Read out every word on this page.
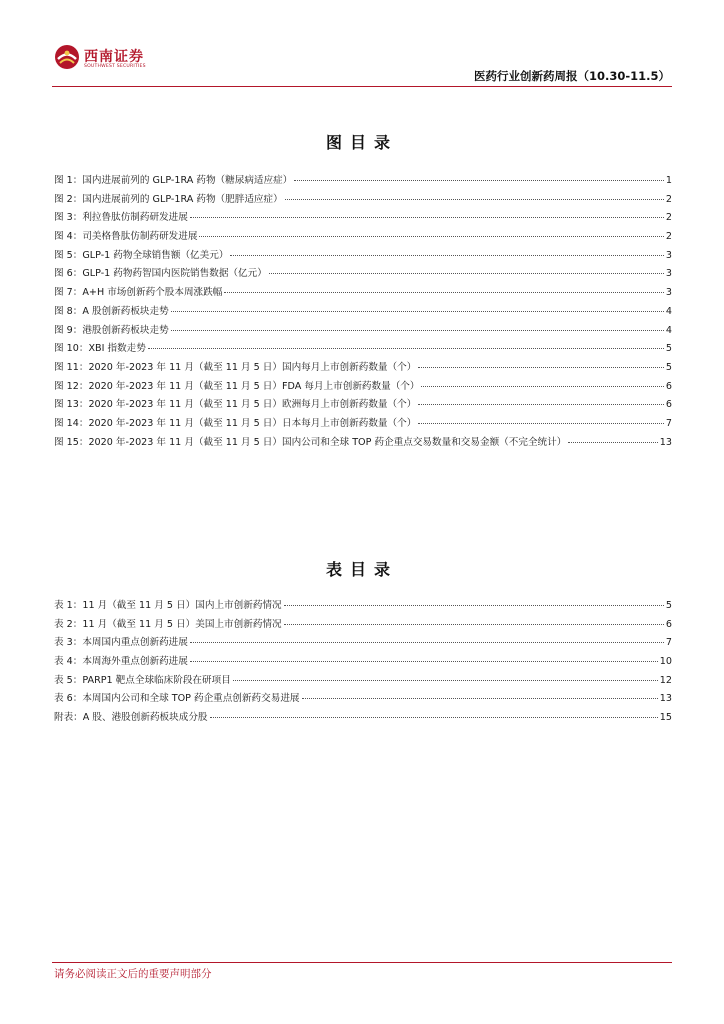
西南证券
SOUTHWEST SECURITIES
医药行业创新药周报（10.30-11.5）
图目录
图 1：国内进展前列的 GLP-1RA 药物（糖尿病适应症）	1
图 2：国内进展前列的 GLP-1RA 药物（肥胖适应症）	2
图 3：利拉鲁肽仿制药研发进展	2
图 4：司美格鲁肽仿制药研发进展	2
图 5：GLP-1 药物全球销售额（亿美元）	3
图 6：GLP-1 药物药智国内医院销售数据（亿元）	3
图 7：A+H 市场创新药个股本周涨跌幅	3
图 8：A 股创新药板块走势	4
图 9：港股创新药板块走势	4
图 10：XBI 指数走势	5
图 11：2020 年-2023 年 11 月（截至 11 月 5 日）国内每月上市创新药数量（个）	5
图 12：2020 年-2023 年 11 月（截至 11 月 5 日）FDA 每月上市创新药数量（个）	6
图 13：2020 年-2023 年 11 月（截至 11 月 5 日）欧洲每月上市创新药数量（个）	6
图 14：2020 年-2023 年 11 月（截至 11 月 5 日）日本每月上市创新药数量（个）	7
图 15：2020 年-2023 年 11 月（截至 11 月 5 日）国内公司和全球 TOP 药企重点交易数量和交易金额（不完全统计）	13
表目录
表 1：11 月（截至 11 月 5 日）国内上市创新药情况	5
表 2：11 月（截至 11 月 5 日）美国上市创新药情况	6
表 3：本周国内重点创新药进展	7
表 4：本周海外重点创新药进展	10
表 5：PARP1 靶点全球临床阶段在研项目	12
表 6：本周国内公司和全球 TOP 药企重点创新药交易进展	13
附表：A 股、港股创新药板块成分股	15
请务必阅读正文后的重要声明部分
